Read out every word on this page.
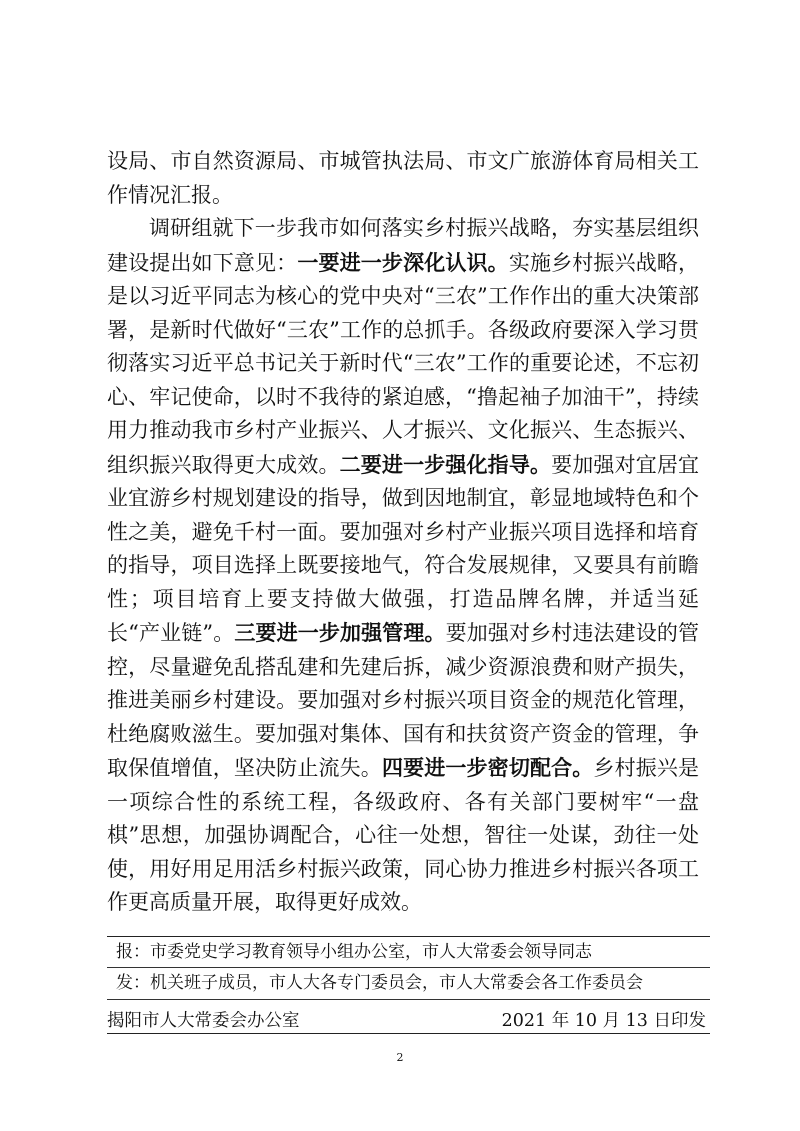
设局、市自然资源局、市城管执法局、市文广旅游体育局相关工作情况汇报。

调研组就下一步我市如何落实乡村振兴战略，夯实基层组织建设提出如下意见：一要进一步深化认识。实施乡村振兴战略，是以习近平同志为核心的党中央对“三农”工作作出的重大决策部署，是新时代做好“三农”工作的总抓手。各级政府要深入学习贯彻落实习近平总书记关于新时代“三农”工作的重要论述，不忘初心、牢记使命，以时不我待的紧迫感，“撸起袖子加油干”，持续用力推动我市乡村产业振兴、人才振兴、文化振兴、生态振兴、组织振兴取得更大成效。二要进一步强化指导。要加强对宜居宜业宜游乡村规划建设的指导，做到因地制宜，彰显地域特色和个性之美，避免千村一面。要加强对乡村产业振兴项目选择和培育的指导，项目选择上既要接地气，符合发展规律，又要具有前瞻性；项目培育上要支持做大做强，打造品牌名牌，并适当延长“产业链”。三要进一步加强管理。要加强对乡村违法建设的管控，尽量避免乱搭乱建和先建后拆，减少资源浪费和财产损失，推进美丽乡村建设。要加强对乡村振兴项目资金的规范化管理，杜绝腐败滋生。要加强对集体、国有和扶贫资产资金的管理，争取保值增值，坚决防止流失。四要进一步密切配合。乡村振兴是一项综合性的系统工程，各级政府、各有关部门要树牢“一盘棋”思想，加强协调配合，心往一处想，智往一处谋，劲往一处使，用好用足用活乡村振兴政策，同心协力推进乡村振兴各项工作更高质量开展，取得更好成效。

报：市委党史学习教育领导小组办公室，市人大常委会领导同志
发：机关班子成员，市人大各专门委员会，市人大常委会各工作委员会
揭阳市人大常委会办公室	2021 年 10 月 13 日印发
2
